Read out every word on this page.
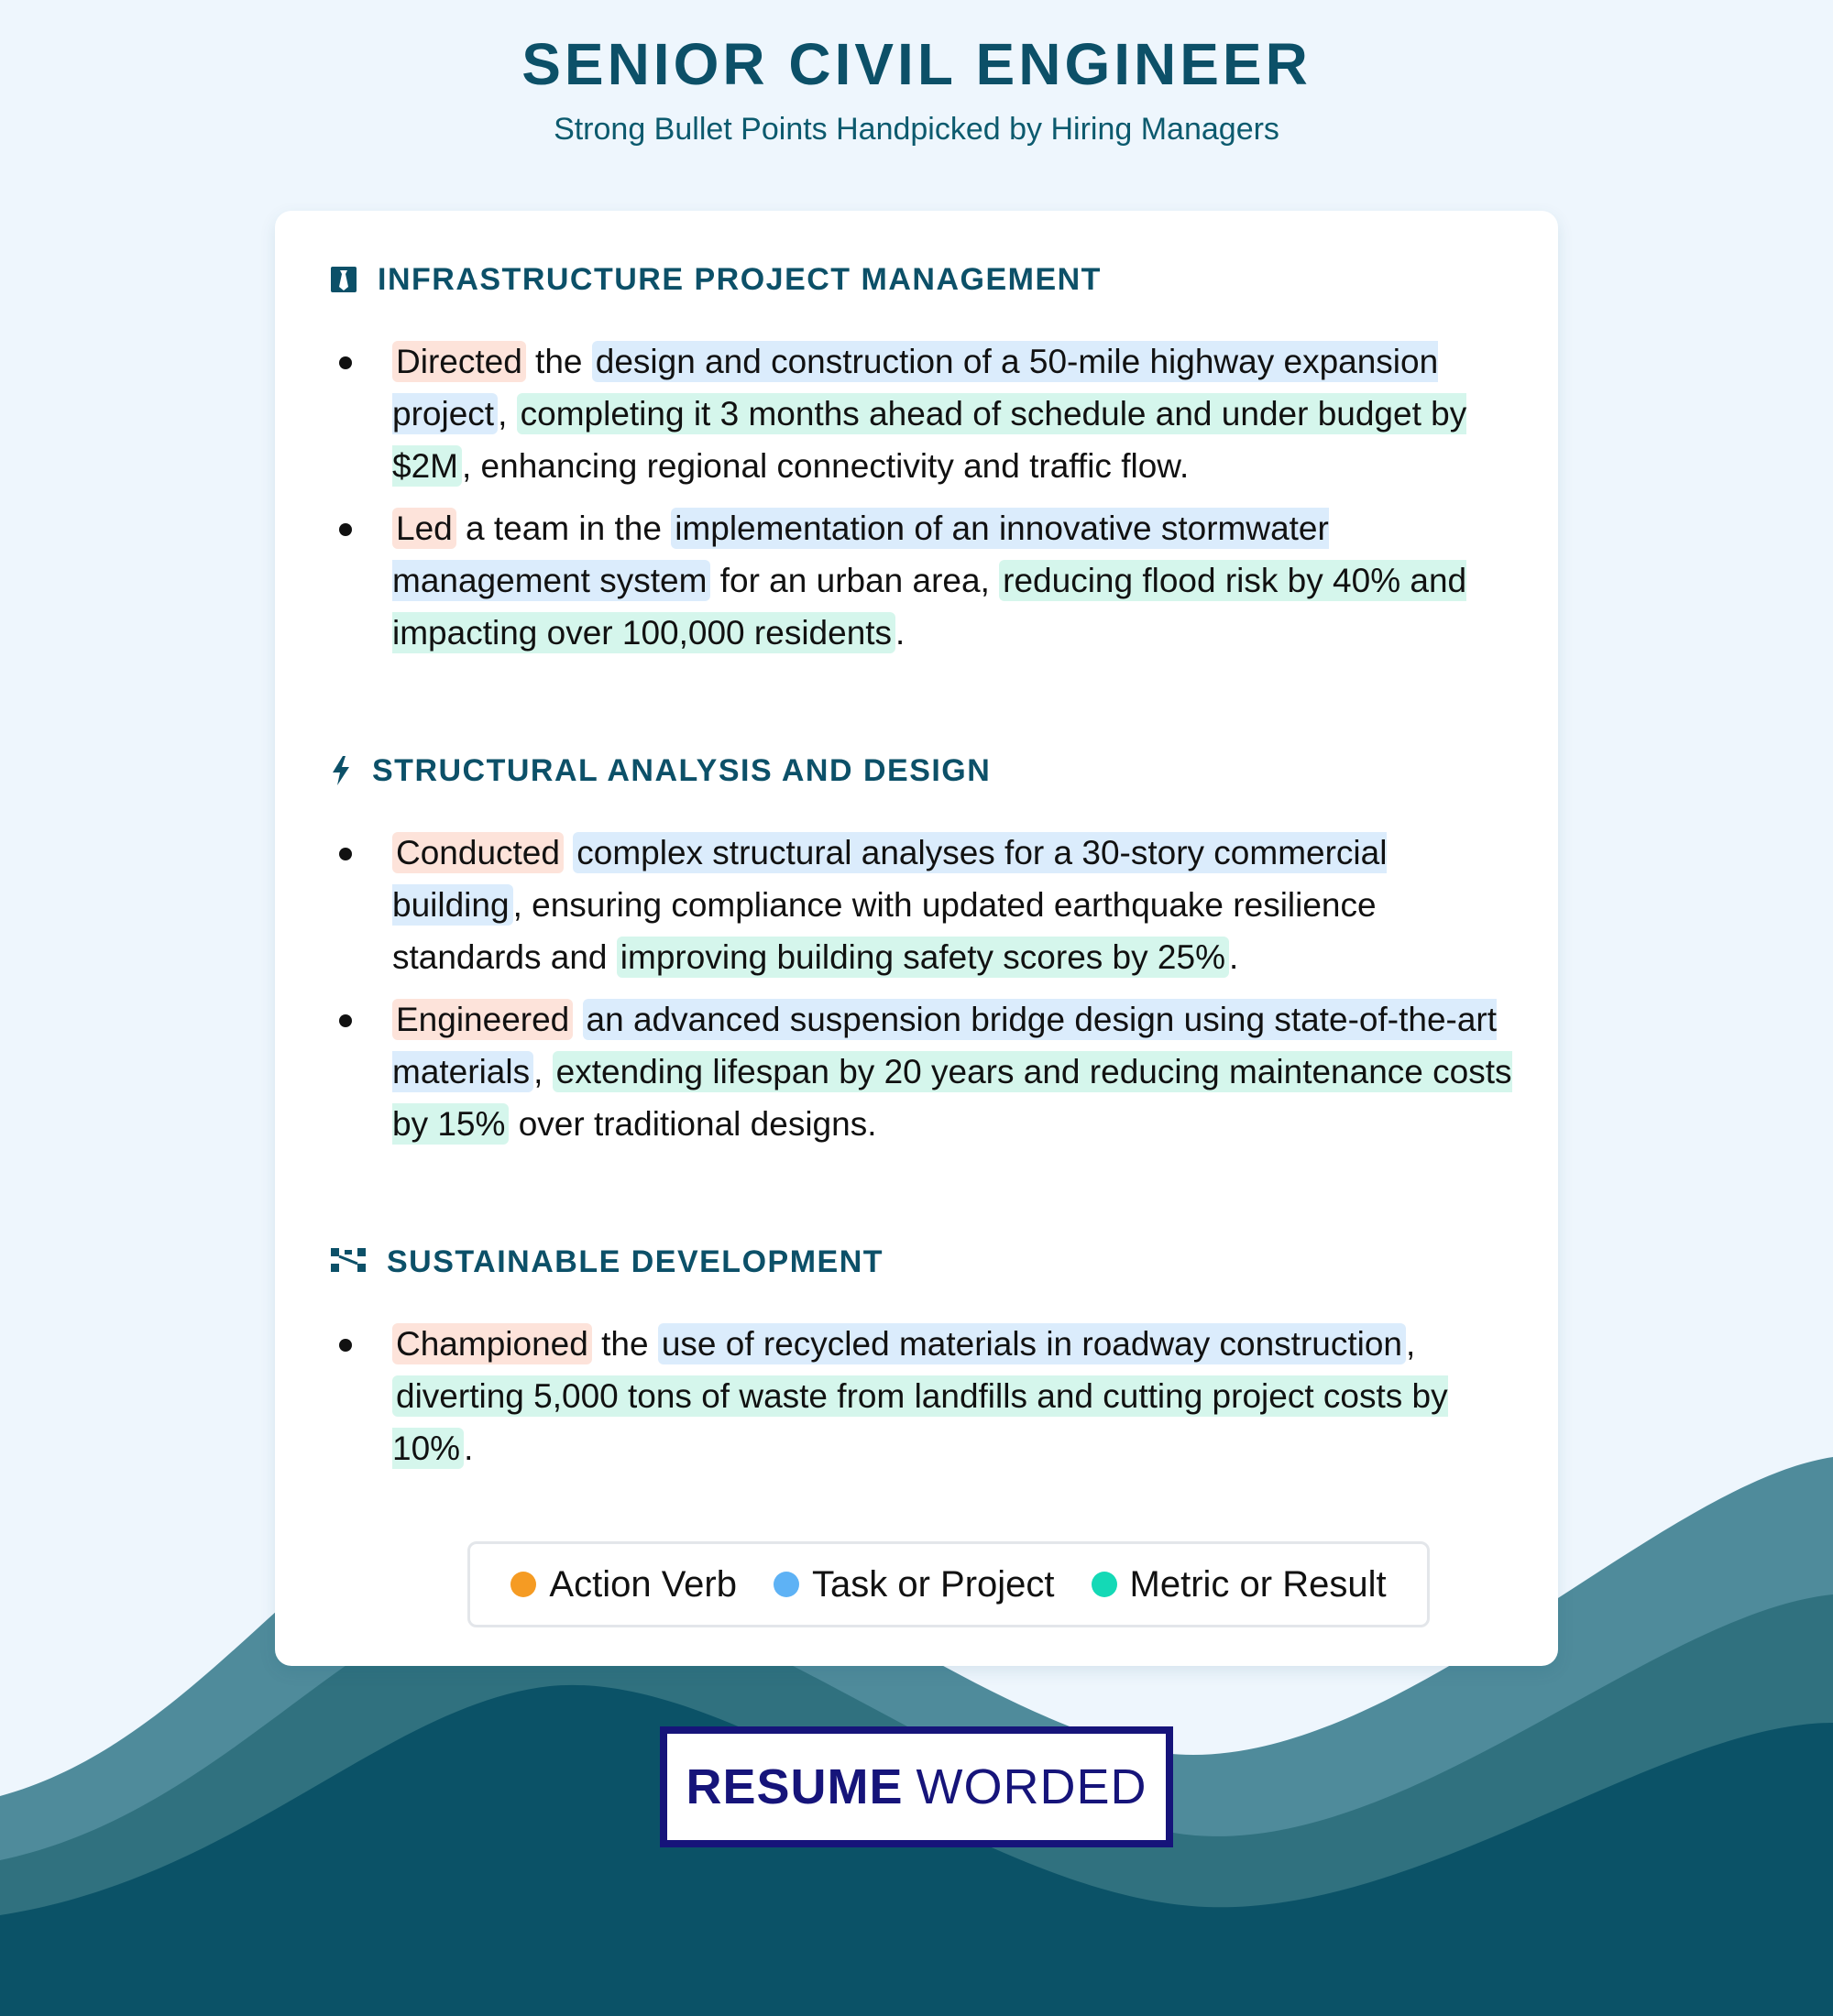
SENIOR CIVIL ENGINEER

Strong Bullet Points Handpicked by Hiring Managers

INFRASTRUCTURE PROJECT MANAGEMENT
Directed the design and construction of a 50-mile highway expansion project , completing it 3 months ahead of schedule and under budget by $2M , enhancing regional connectivity and traffic flow.
Led a team in the implementation of an innovative stormwater management system for an urban area, reducing flood risk by 40% and impacting over 100,000 residents .
STRUCTURAL ANALYSIS AND DESIGN
Conducted complex structural analyses for a 30-story commercial building , ensuring compliance with updated earthquake resilience standards and improving building safety scores by 25% .
Engineered an advanced suspension bridge design using state-of-the-art materials , extending lifespan by 20 years and reducing maintenance costs by 15% over traditional designs.
SUSTAINABLE DEVELOPMENT
Championed the use of recycled materials in roadway construction , diverting 5,000 tons of waste from landfills and cutting project costs by 10% .
Action Verb Task or Project Metric or Result
RESUME WORDED
